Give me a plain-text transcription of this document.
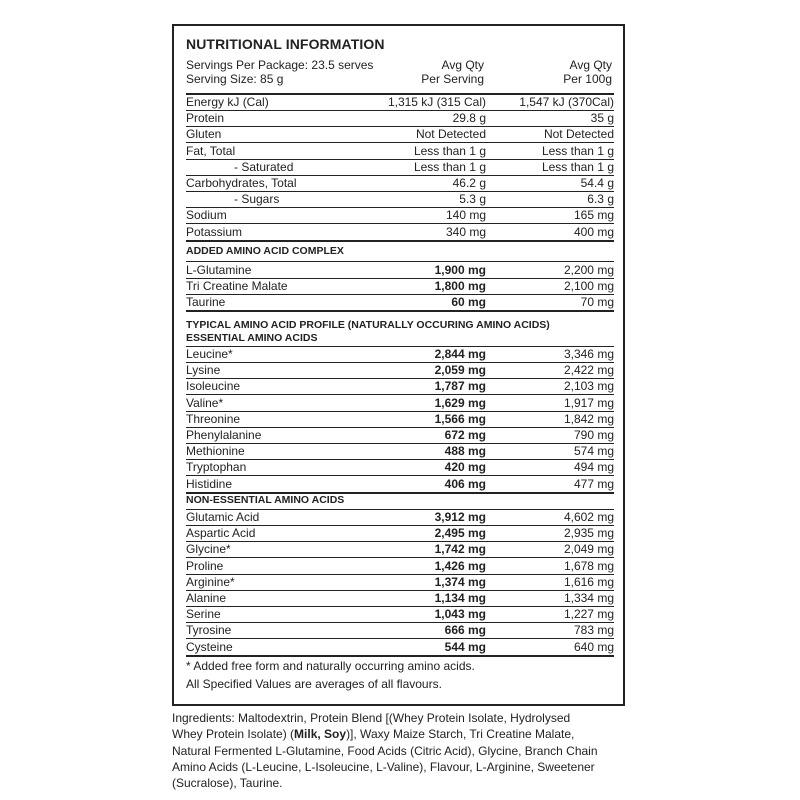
NUTRITIONAL INFORMATION
Servings Per Package: 23.5 serves
Serving Size: 85 g
Avg Qty
Per Serving
Avg Qty
Per 100g
Energy kJ (Cal)	1,315 kJ (315 Cal)	1,547 kJ (370Cal)
Protein	29.8 g	35 g
Gluten	Not Detected	Not Detected
Fat, Total	Less than 1 g	Less than 1 g
- Saturated	Less than 1 g	Less than 1 g
Carbohydrates, Total	46.2 g	54.4 g
- Sugars	5.3 g	6.3 g
Sodium	140 mg	165 mg
Potassium	340 mg	400 mg
ADDED AMINO ACID COMPLEX
L-Glutamine	1,900 mg	2,200 mg
Tri Creatine Malate	1,800 mg	2,100 mg
Taurine	60 mg	70 mg
TYPICAL AMINO ACID PROFILE (NATURALLY OCCURING AMINO ACIDS)
ESSENTIAL AMINO ACIDS
Leucine*	2,844 mg	3,346 mg
Lysine	2,059 mg	2,422 mg
Isoleucine	1,787 mg	2,103 mg
Valine*	1,629 mg	1,917 mg
Threonine	1,566 mg	1,842 mg
Phenylalanine	672 mg	790 mg
Methionine	488 mg	574 mg
Tryptophan	420 mg	494 mg
Histidine	406 mg	477 mg
NON-ESSENTIAL AMINO ACIDS
Glutamic Acid	3,912 mg	4,602 mg
Aspartic Acid	2,495 mg	2,935 mg
Glycine*	1,742 mg	2,049 mg
Proline	1,426 mg	1,678 mg
Arginine*	1,374 mg	1,616 mg
Alanine	1,134 mg	1,334 mg
Serine	1,043 mg	1,227 mg
Tyrosine	666 mg	783 mg
Cysteine	544 mg	640 mg
* Added free form and naturally occurring amino acids.
All Specified Values are averages of all flavours.
Ingredients: Maltodextrin, Protein Blend [(Whey Protein Isolate, Hydrolysed
Whey Protein Isolate) (Milk, Soy)], Waxy Maize Starch, Tri Creatine Malate,
Natural Fermented L-Glutamine, Food Acids (Citric Acid), Glycine, Branch Chain
Amino Acids (L-Leucine, L-Isoleucine, L-Valine), Flavour, L-Arginine, Sweetener
(Sucralose), Taurine.
